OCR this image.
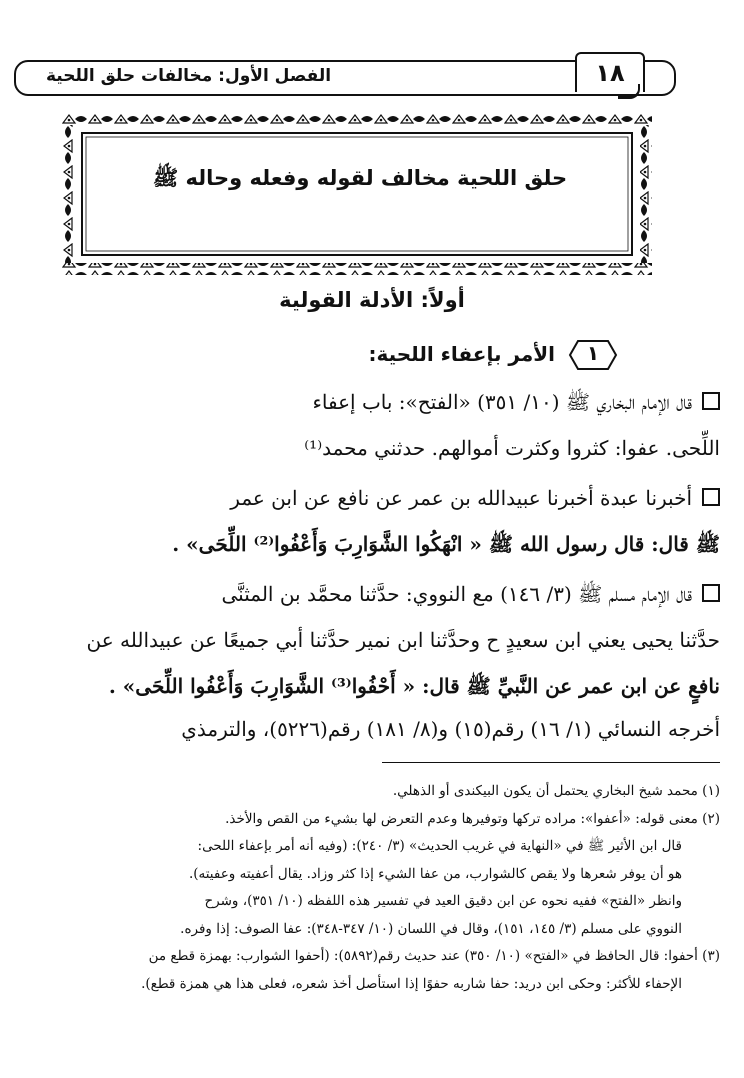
الفصل الأول: مخالفات حلق اللحية	١٨
حلق اللحية مخالف لقوله وفعله وحاله ﷺ
أولاً: الأدلة القولية
١
الأمر بإعفاء اللحية:
قال الإمام البخاري ﷺ (١٠/ ٣٥١) «الفتح»: باب إعفاء
اللِّحى. عفوا: كثروا وكثرت أموالهم. حدثني محمد⁽¹⁾
أخبرنا عبدة أخبرنا عبيدالله بن عمر عن نافع عن ابن عمر
ﷺ قال: قال رسول الله ﷺ « انْهَكُوا الشَّوَارِبَ وَأَعْفُوا⁽²⁾ اللِّحَى» .
قال الإمام مسلم ﷺ (٣/ ١٤٦) مع النووي: حدَّثنا محمَّد بن المثنَّى
حدَّثنا يحيى يعني ابن سعيدٍ ح وحدَّثنا ابن نمير حدَّثنا أبي جميعًا عن عبيدالله عن
نافعٍ عن ابن عمر عن النَّبيِّ ﷺ قال: « أَحْفُوا⁽³⁾ الشَّوَارِبَ وَأَعْفُوا اللِّحَى» .
أخرجه النسائي (١/ ١٦) رقم(١٥) و(٨/ ١٨١) رقم(٥٢٢٦)، والترمذي
(١) محمد شيخ البخاري يحتمل أن يكون البيكندى أو الذهلي.
(٢) معنى قوله: «أعفوا»: مراده تركها وتوفيرها وعدم التعرض لها بشيء من القص والأخذ.
قال ابن الأثير ﷺ في «النهاية في غريب الحديث» (٣/ ٢٤٠): (وفيه أنه أمر بإعفاء اللحى:
هو أن يوفر شعرها ولا يقص كالشوارب، من عفا الشيء إذا كثر وزاد. يقال أعفيته وعفيته).
وانظر «الفتح» ففيه نحوه عن ابن دقيق العيد في تفسير هذه اللفظه (١٠/ ٣٥١)، وشرح
النووي على مسلم (٣/ ١٤٥، ١٥١)، وقال في اللسان (١٠/ ٣٤٧-٣٤٨): عفا الصوف: إذا وفره.
(٣) أحفوا: قال الحافظ في «الفتح» (١٠/ ٣٥٠) عند حديث رقم(٥٨٩٢): (أحفوا الشوارب: بهمزة قطع من
الإحفاء للأكثر: وحكى ابن دريد: حفا شاربه حفوًا إذا استأصل أخذ شعره، فعلى هذا هي همزة قطع).
